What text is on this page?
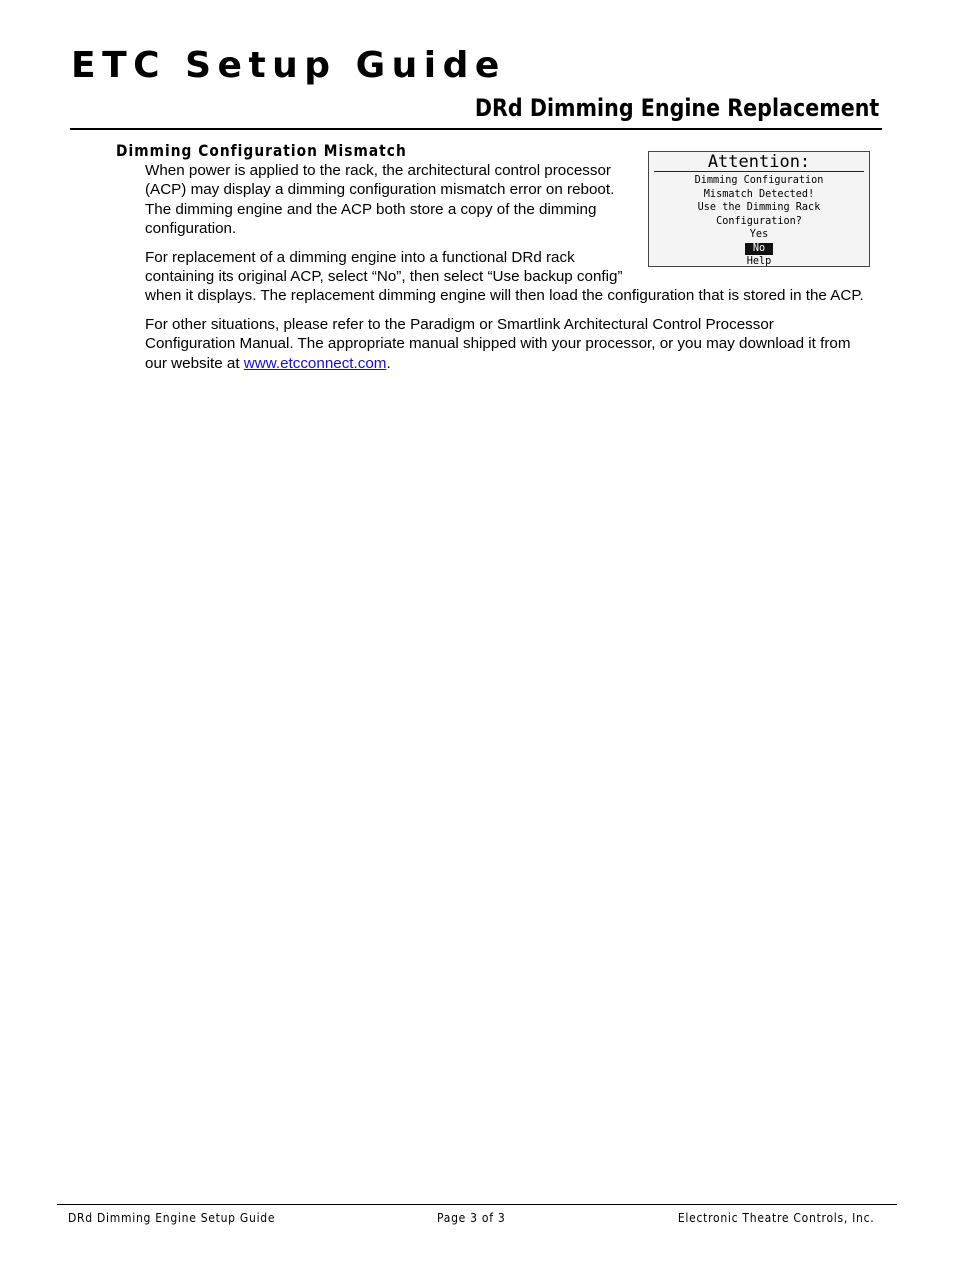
ETC Setup Guide
DRd Dimming Engine Replacement
Dimming Configuration Mismatch
Attention:
Dimming Configuration
Mismatch Detected!
Use the Dimming Rack
Configuration?
Yes
No
Help

When power is applied to the rack, the architectural control processor (ACP) may display a dimming configuration mismatch error on reboot. The dimming engine and the ACP both store a copy of the dimming configuration.

For replacement of a dimming engine into a functional DRd rack containing its original ACP, select “No”, then select “Use backup config” when it displays. The replacement dimming engine will then load the configuration that is stored in the ACP.

For other situations, please refer to the Paradigm or Smartlink Architectural Control Processor Configuration Manual. The appropriate manual shipped with your processor, or you may download it from our website at www.etcconnect.com.

DRd Dimming Engine Setup Guide	Page 3 of 3	Electronic Theatre Controls, Inc.
